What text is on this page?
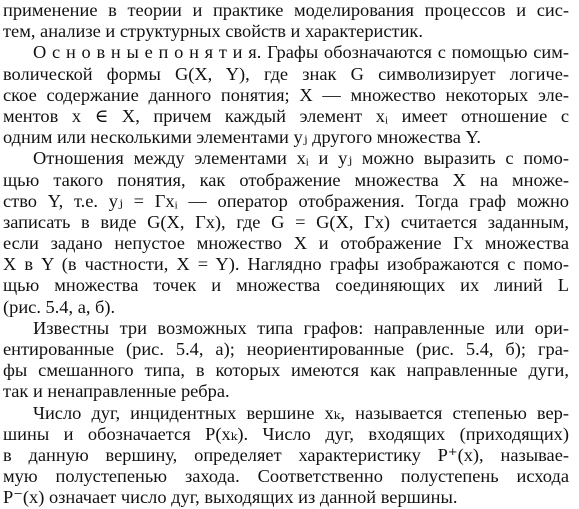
применение в теории и практике моделирования процессов и сис-
тем, анализе и структурных свойств и характеристик.
О с н о в н ы е п о н я т и я. Графы обозначаются с помощью сим-
волической формы G(X, Y), где знак G символизирует логиче-
ское содержание данного понятия; X — множество некоторых эле-
ментов x ∈ X, причем каждый элемент xᵢ имеет отношение с
одним или несколькими элементами yⱼ другого множества Y.
Отношения между элементами xᵢ и yⱼ можно выразить с помо-
щью такого понятия, как отображение множества X на множе-
ство Y, т.е. yⱼ = Γxᵢ — оператор отображения. Тогда граф можно
записать в виде G(X, Γx), где G = G(X, Γx) считается заданным,
если задано непустое множество X и отображение Γx множества
X в Y (в частности, X = Y). Наглядно графы изображаются с помо-
щью множества точек и множества соединяющих их линий L
(рис. 5.4, а, б).
Известны три возможных типа графов: направленные или ори-
ентированные (рис. 5.4, а); неориентированные (рис. 5.4, б); гра-
фы смешанного типа, в которых имеются как направленные дуги,
так и ненаправленные ребра.
Число дуг, инцидентных вершине xₖ, называется степенью вер-
шины и обозначается P(xₖ). Число дуг, входящих (приходящих)
в данную вершину, определяет характеристику P⁺(x), называе-
мую полустепенью захода. Соответственно полустепень исхода
P⁻(x) означает число дуг, выходящих из данной вершины.
